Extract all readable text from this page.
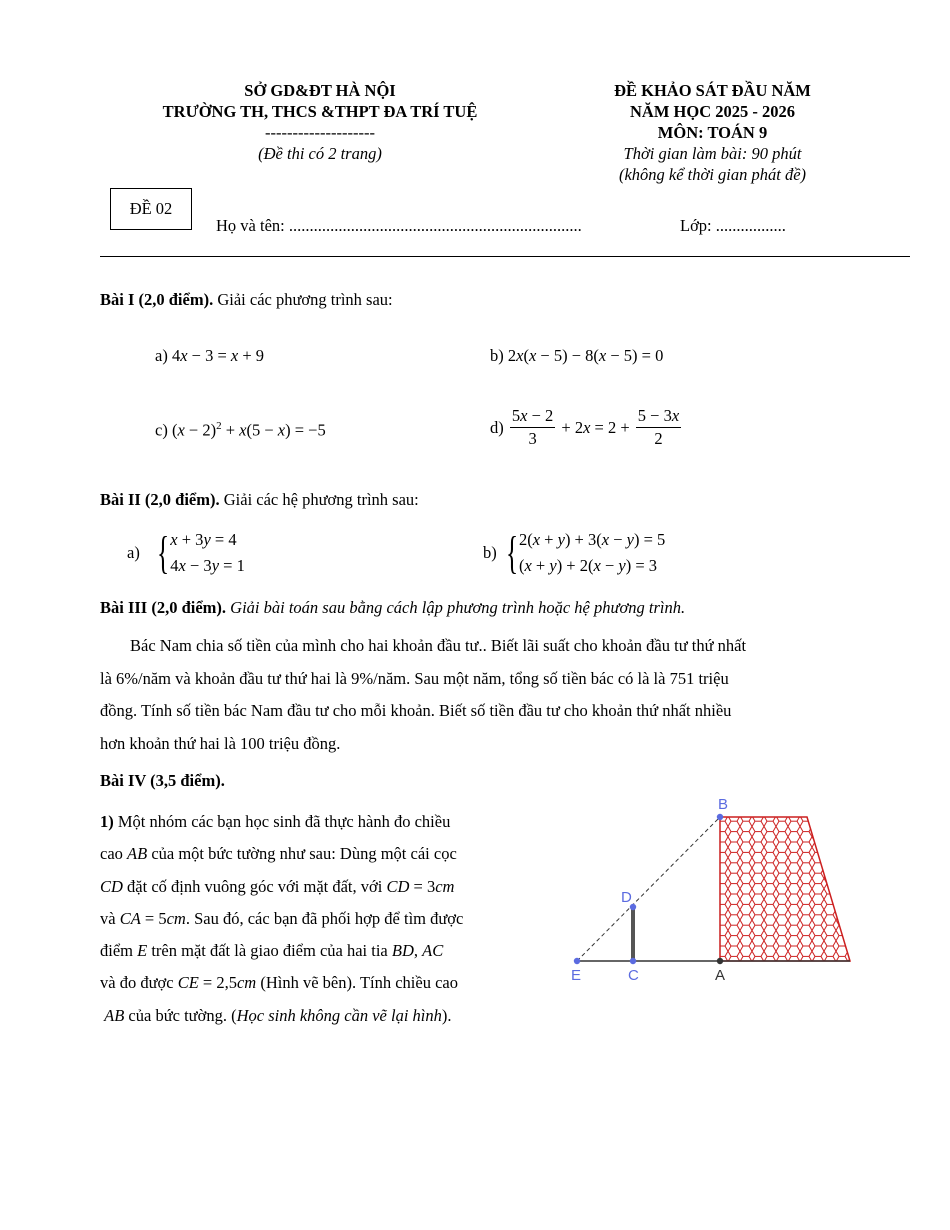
SỞ GD&ĐT HÀ NỘI
TRƯỜNG TH, THCS &THPT ĐA TRÍ TUỆ
--------------------
(Đề thi có 2 trang)
ĐỀ KHẢO SÁT ĐẦU NĂM
NĂM HỌC 2025 - 2026
MÔN: TOÁN 9
Thời gian làm bài: 90 phút
(không kể thời gian phát đề)
ĐỀ 02
Họ và tên: .......................................................................	Lớp: .................
Bài I (2,0 điểm). Giải các phương trình sau:
a) 4x − 3 = x + 9	b) 2x(x − 5) − 8(x − 5) = 0
c) $(x - 2)^2 + x(5 - x) = -5$	d)
$\frac{5x - 2}{3} + 2x = 2 + \frac{5 - 3x}{2}$
Bài II (2,0 điểm). Giải các hệ phương trình sau:
a)
{ x + 3y = 4
4x − 3y = 1
b)
{ 2(x + y) + 3(x − y) = 5
(x + y) + 2(x − y) = 3
Bài III (2,0 điểm). Giải bài toán sau bằng cách lập phương trình hoặc hệ phương trình.
Bác Nam chia số tiền của mình cho hai khoản đầu tư.. Biết lãi suất cho khoản đầu tư thứ nhất
là 6%/năm và khoản đầu tư thứ hai là 9%/năm. Sau một năm, tổng số tiền bác có là là 751 triệu
đồng. Tính số tiền bác Nam đầu tư cho mỗi khoản. Biết số tiền đầu tư cho khoản thứ nhất nhiều
hơn khoản thứ hai là 100 triệu đồng.
Bài IV (3,5 điểm).
1) Một nhóm các bạn học sinh đã thực hành đo chiều
cao AB của một bức tường như sau: Dùng một cái cọc
CD đặt cố định vuông góc với mặt đất, với CD = 3cm
và CA = 5cm. Sau đó, các bạn đã phối hợp để tìm được
điểm E trên mặt đất là giao điểm của hai tia BD, AC
và đo được CE = 2,5cm (Hình vẽ bên). Tính chiều cao
AB của bức tường. (Học sinh không cần vẽ lại hình).
B
D
E	C	A
